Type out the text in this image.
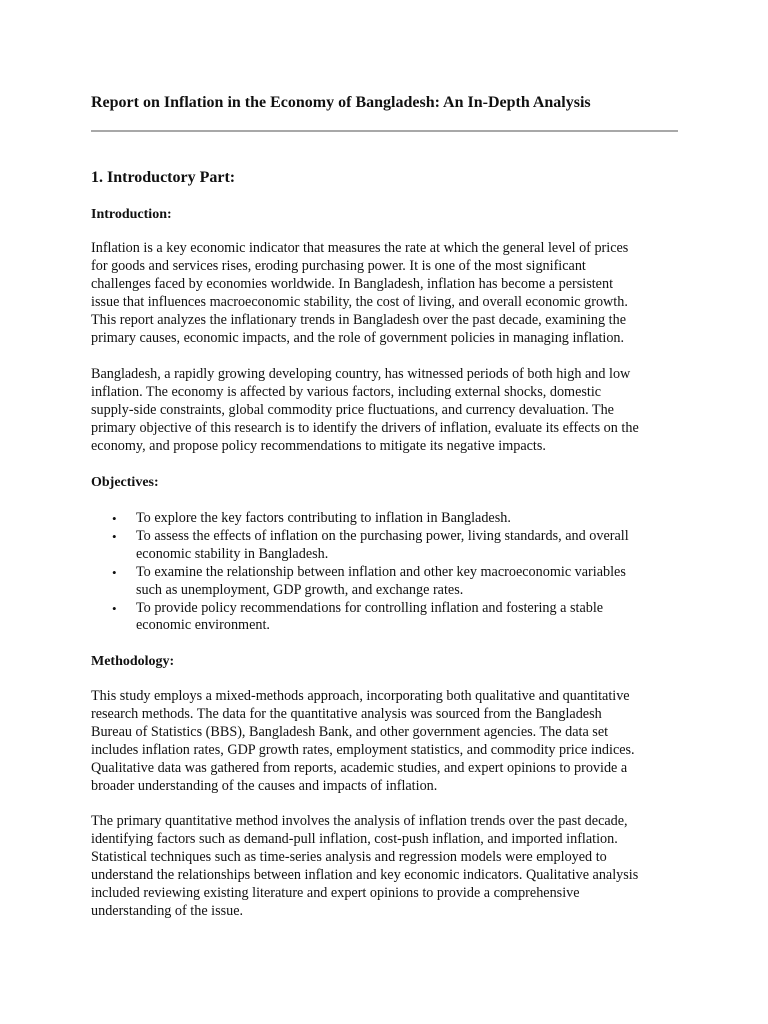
Report on Inflation in the Economy of Bangladesh: An In-Depth Analysis
1. Introductory Part:
Introduction:

Inflation is a key economic indicator that measures the rate at which the general level of prices
for goods and services rises, eroding purchasing power. It is one of the most significant
challenges faced by economies worldwide. In Bangladesh, inflation has become a persistent
issue that influences macroeconomic stability, the cost of living, and overall economic growth.
This report analyzes the inflationary trends in Bangladesh over the past decade, examining the
primary causes, economic impacts, and the role of government policies in managing inflation.

Bangladesh, a rapidly growing developing country, has witnessed periods of both high and low
inflation. The economy is affected by various factors, including external shocks, domestic
supply-side constraints, global commodity price fluctuations, and currency devaluation. The
primary objective of this research is to identify the drivers of inflation, evaluate its effects on the
economy, and propose policy recommendations to mitigate its negative impacts.

Objectives:
• To explore the key factors contributing to inflation in Bangladesh.
• To assess the effects of inflation on the purchasing power, living standards, and overall
economic stability in Bangladesh.
• To examine the relationship between inflation and other key macroeconomic variables
such as unemployment, GDP growth, and exchange rates.
• To provide policy recommendations for controlling inflation and fostering a stable
economic environment.
Methodology:

This study employs a mixed-methods approach, incorporating both qualitative and quantitative
research methods. The data for the quantitative analysis was sourced from the Bangladesh
Bureau of Statistics (BBS), Bangladesh Bank, and other government agencies. The data set
includes inflation rates, GDP growth rates, employment statistics, and commodity price indices.
Qualitative data was gathered from reports, academic studies, and expert opinions to provide a
broader understanding of the causes and impacts of inflation.

The primary quantitative method involves the analysis of inflation trends over the past decade,
identifying factors such as demand-pull inflation, cost-push inflation, and imported inflation.
Statistical techniques such as time-series analysis and regression models were employed to
understand the relationships between inflation and key economic indicators. Qualitative analysis
included reviewing existing literature and expert opinions to provide a comprehensive
understanding of the issue.
